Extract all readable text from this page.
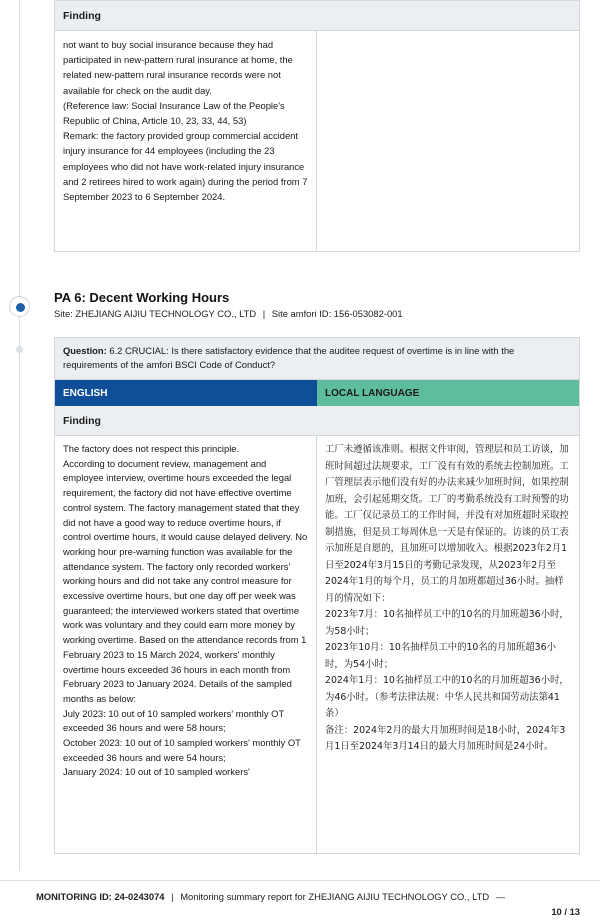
Finding
not want to buy social insurance because they had participated in new-pattern rural insurance at home, the related new-pattern rural insurance records were not available for check on the audit day.
(Reference law: Social Insurance Law of the People's Republic of China, Article 10, 23, 33, 44, 53)
Remark: the factory provided group commercial accident injury insurance for 44 employees (including the 23 employees who did not have work-related injury insurance and 2 retirees hired to work again) during the period from 7 September 2023 to 6 September 2024.
PA 6: Decent Working Hours
Site: ZHEJIANG AIJIU TECHNOLOGY CO., LTD | Site amfori ID: 156-053082-001
Question: 6.2 CRUCIAL: Is there satisfactory evidence that the auditee request of overtime is in line with the requirements of the amfori BSCI Code of Conduct?
ENGLISH	LOCAL LANGUAGE
Finding
The factory does not respect this principle.
According to document review, management and employee interview, overtime hours exceeded the legal requirement, the factory did not have effective overtime control system. The factory management stated that they did not have a good way to reduce overtime hours, if control overtime hours, it would cause delayed delivery. No working hour pre-warning function was available for the attendance system. The factory only recorded workers' working hours and did not take any control measure for excessive overtime hours, but one day off per week was guaranteed; the interviewed workers stated that overtime work was voluntary and they could earn more money by working overtime. Based on the attendance records from 1 February 2023 to 15 March 2024, workers' monthly overtime hours exceeded 36 hours in each month from February 2023 to January 2024. Details of the sampled months as below:
July 2023: 10 out of 10 sampled workers' monthly OT exceeded 36 hours and were 58 hours;
October 2023: 10 out of 10 sampled workers' monthly OT exceeded 36 hours and were 54 hours;
January 2024: 10 out of 10 sampled workers'
工厂未遵循该准则。根据文件审阅，管理层和员工访谈，加班时间超过法规要求，工厂没有有效的系统去控制加班。工厂管理层表示他们没有好的办法来减少加班时间，如果控制加班，会引起延期交货。工厂的考勤系统没有工时预警的功能。工厂仅记录员工的工作时间，并没有对加班超时采取控制措施，但是员工每周休息一天是有保证的。访谈的员工表示加班是自愿的，且加班可以增加收入。根据2023年2月1日至2024年3月15日的考勤记录发现，从2023年2月至2024年1月的每个月，员工的月加班都超过36小时。抽样月的情况如下：
2023年7月：10名抽样员工中的10名的月加班超36小时，为58小时；
2023年10月：10名抽样员工中的10名的月加班超36小时，为54小时；
2024年1月：10名抽样员工中的10名的月加班超36小时，为46小时。（参考法律法规：中华人民共和国劳动法第41条）
备注：2024年2月的最大月加班时间是18小时，2024年3月1日至2024年3月14日的最大月加班时间是24小时。
MONITORING ID: 24-0243074 | Monitoring summary report for ZHEJIANG AIJIU TECHNOLOGY CO., LTD —
10 / 13
